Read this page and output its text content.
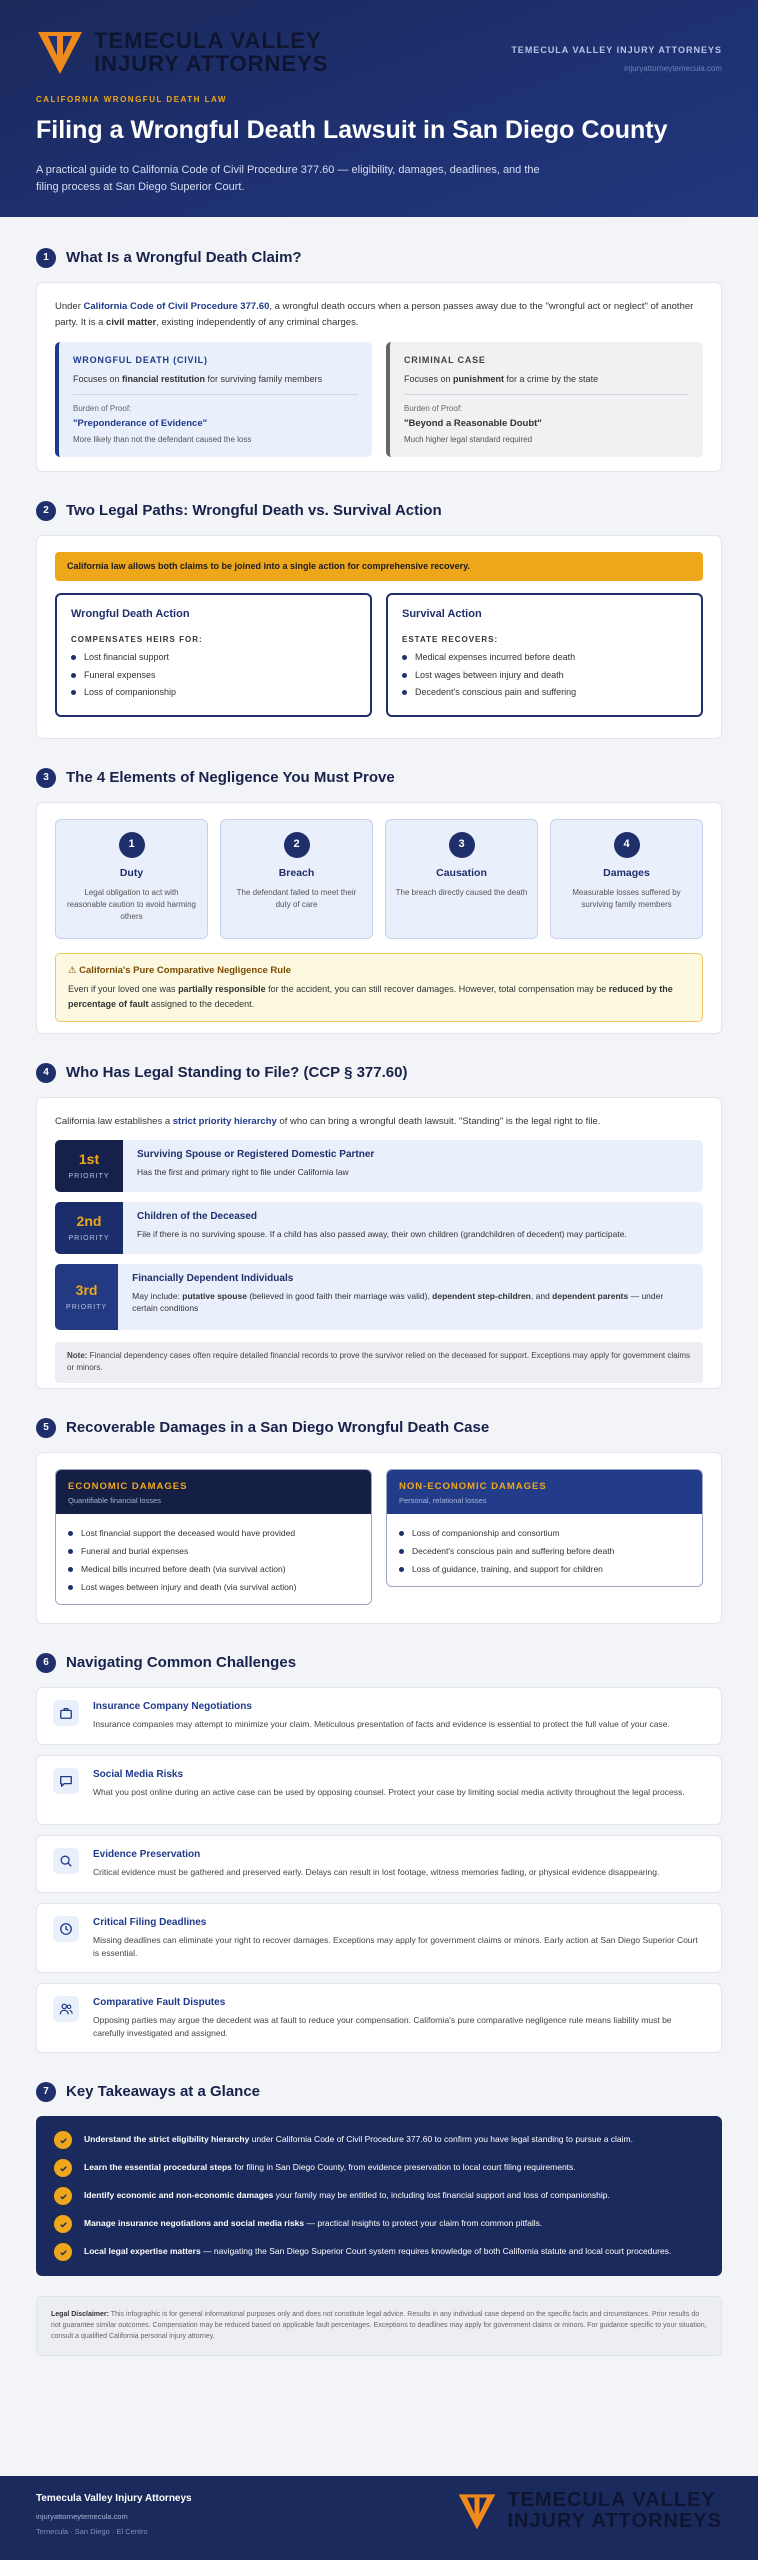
TEMECULA VALLEY
INJURY ATTORNEYS
TEMECULA VALLEY INJURY ATTORNEYS
injuryattorneytemecula.com
CALIFORNIA WRONGFUL DEATH LAW
Filing a Wrongful Death Lawsuit in San Diego County

A practical guide to California Code of Civil Procedure 377.60 — eligibility, damages, deadlines, and the filing process at San Diego Superior Court.

1	What Is a Wrongful Death Claim?

Under California Code of Civil Procedure 377.60, a wrongful death occurs when a person passes away due to the "wrongful act or neglect" of another party. It is a civil matter, existing independently of any criminal charges.

WRONGFUL DEATH (CIVIL)
Focuses on financial restitution for surviving family members
Burden of Proof:
"Preponderance of Evidence"
More likely than not the defendant caused the loss
CRIMINAL CASE
Focuses on punishment for a crime by the state
Burden of Proof:
"Beyond a Reasonable Doubt"
Much higher legal standard required
2	Two Legal Paths: Wrongful Death vs. Survival Action
California law allows both claims to be joined into a single action for comprehensive recovery.
Wrongful Death Action
COMPENSATES HEIRS FOR:
Lost financial support
Funeral expenses
Loss of companionship
Survival Action
ESTATE RECOVERS:
Medical expenses incurred before death
Lost wages between injury and death
Decedent's conscious pain and suffering
3	The 4 Elements of Negligence You Must Prove
1
Duty
Legal obligation to act with reasonable caution to avoid harming others
2
Breach
The defendant failed to meet their duty of care
3
Causation
The breach directly caused the death
4
Damages
Measurable losses suffered by surviving family members
⚠ California's Pure Comparative Negligence Rule
Even if your loved one was partially responsible for the accident, you can still recover damages. However, total compensation may be reduced by the percentage of fault assigned to the decedent.
4	Who Has Legal Standing to File? (CCP § 377.60)

California law establishes a strict priority hierarchy of who can bring a wrongful death lawsuit. "Standing" is the legal right to file.

1st
PRIORITY
Surviving Spouse or Registered Domestic Partner
Has the first and primary right to file under California law
2nd
PRIORITY
Children of the Deceased
File if there is no surviving spouse. If a child has also passed away, their own children (grandchildren of decedent) may participate.
3rd
PRIORITY
Financially Dependent Individuals
May include: putative spouse (believed in good faith their marriage was valid), dependent step-children, and dependent parents — under certain conditions
Note: Financial dependency cases often require detailed financial records to prove the survivor relied on the deceased for support. Exceptions may apply for government claims or minors.
5	Recoverable Damages in a San Diego Wrongful Death Case
ECONOMIC DAMAGES
Quantifiable financial losses
Lost financial support the deceased would have provided
Funeral and burial expenses
Medical bills incurred before death (via survival action)
Lost wages between injury and death (via survival action)
NON-ECONOMIC DAMAGES
Personal, relational losses
Loss of companionship and consortium
Decedent's conscious pain and suffering before death
Loss of guidance, training, and support for children
6	Navigating Common Challenges
Insurance Company Negotiations
Insurance companies may attempt to minimize your claim. Meticulous presentation of facts and evidence is essential to protect the full value of your case.
Social Media Risks
What you post online during an active case can be used by opposing counsel. Protect your case by limiting social media activity throughout the legal process.
Evidence Preservation
Critical evidence must be gathered and preserved early. Delays can result in lost footage, witness memories fading, or physical evidence disappearing.
Critical Filing Deadlines
Missing deadlines can eliminate your right to recover damages. Exceptions may apply for government claims or minors. Early action at San Diego Superior Court is essential.
Comparative Fault Disputes
Opposing parties may argue the decedent was at fault to reduce your compensation. California's pure comparative negligence rule means liability must be carefully investigated and assigned.
7	Key Takeaways at a Glance
Understand the strict eligibility hierarchy under California Code of Civil Procedure 377.60 to confirm you have legal standing to pursue a claim.
Learn the essential procedural steps for filing in San Diego County, from evidence preservation to local court filing requirements.
Identify economic and non-economic damages your family may be entitled to, including lost financial support and loss of companionship.
Manage insurance negotiations and social media risks — practical insights to protect your claim from common pitfalls.
Local legal expertise matters — navigating the San Diego Superior Court system requires knowledge of both California statute and local court procedures.
Legal Disclaimer: This infographic is for general informational purposes only and does not constitute legal advice. Results in any individual case depend on the specific facts and circumstances. Prior results do not guarantee similar outcomes. Compensation may be reduced based on applicable fault percentages. Exceptions to deadlines may apply for government claims or minors. For guidance specific to your situation, consult a qualified California personal injury attorney.
Temecula Valley Injury Attorneys
injuryattorneytemecula.com
Temecula · San Diego · El Centro
TEMECULA VALLEY
INJURY ATTORNEYS
